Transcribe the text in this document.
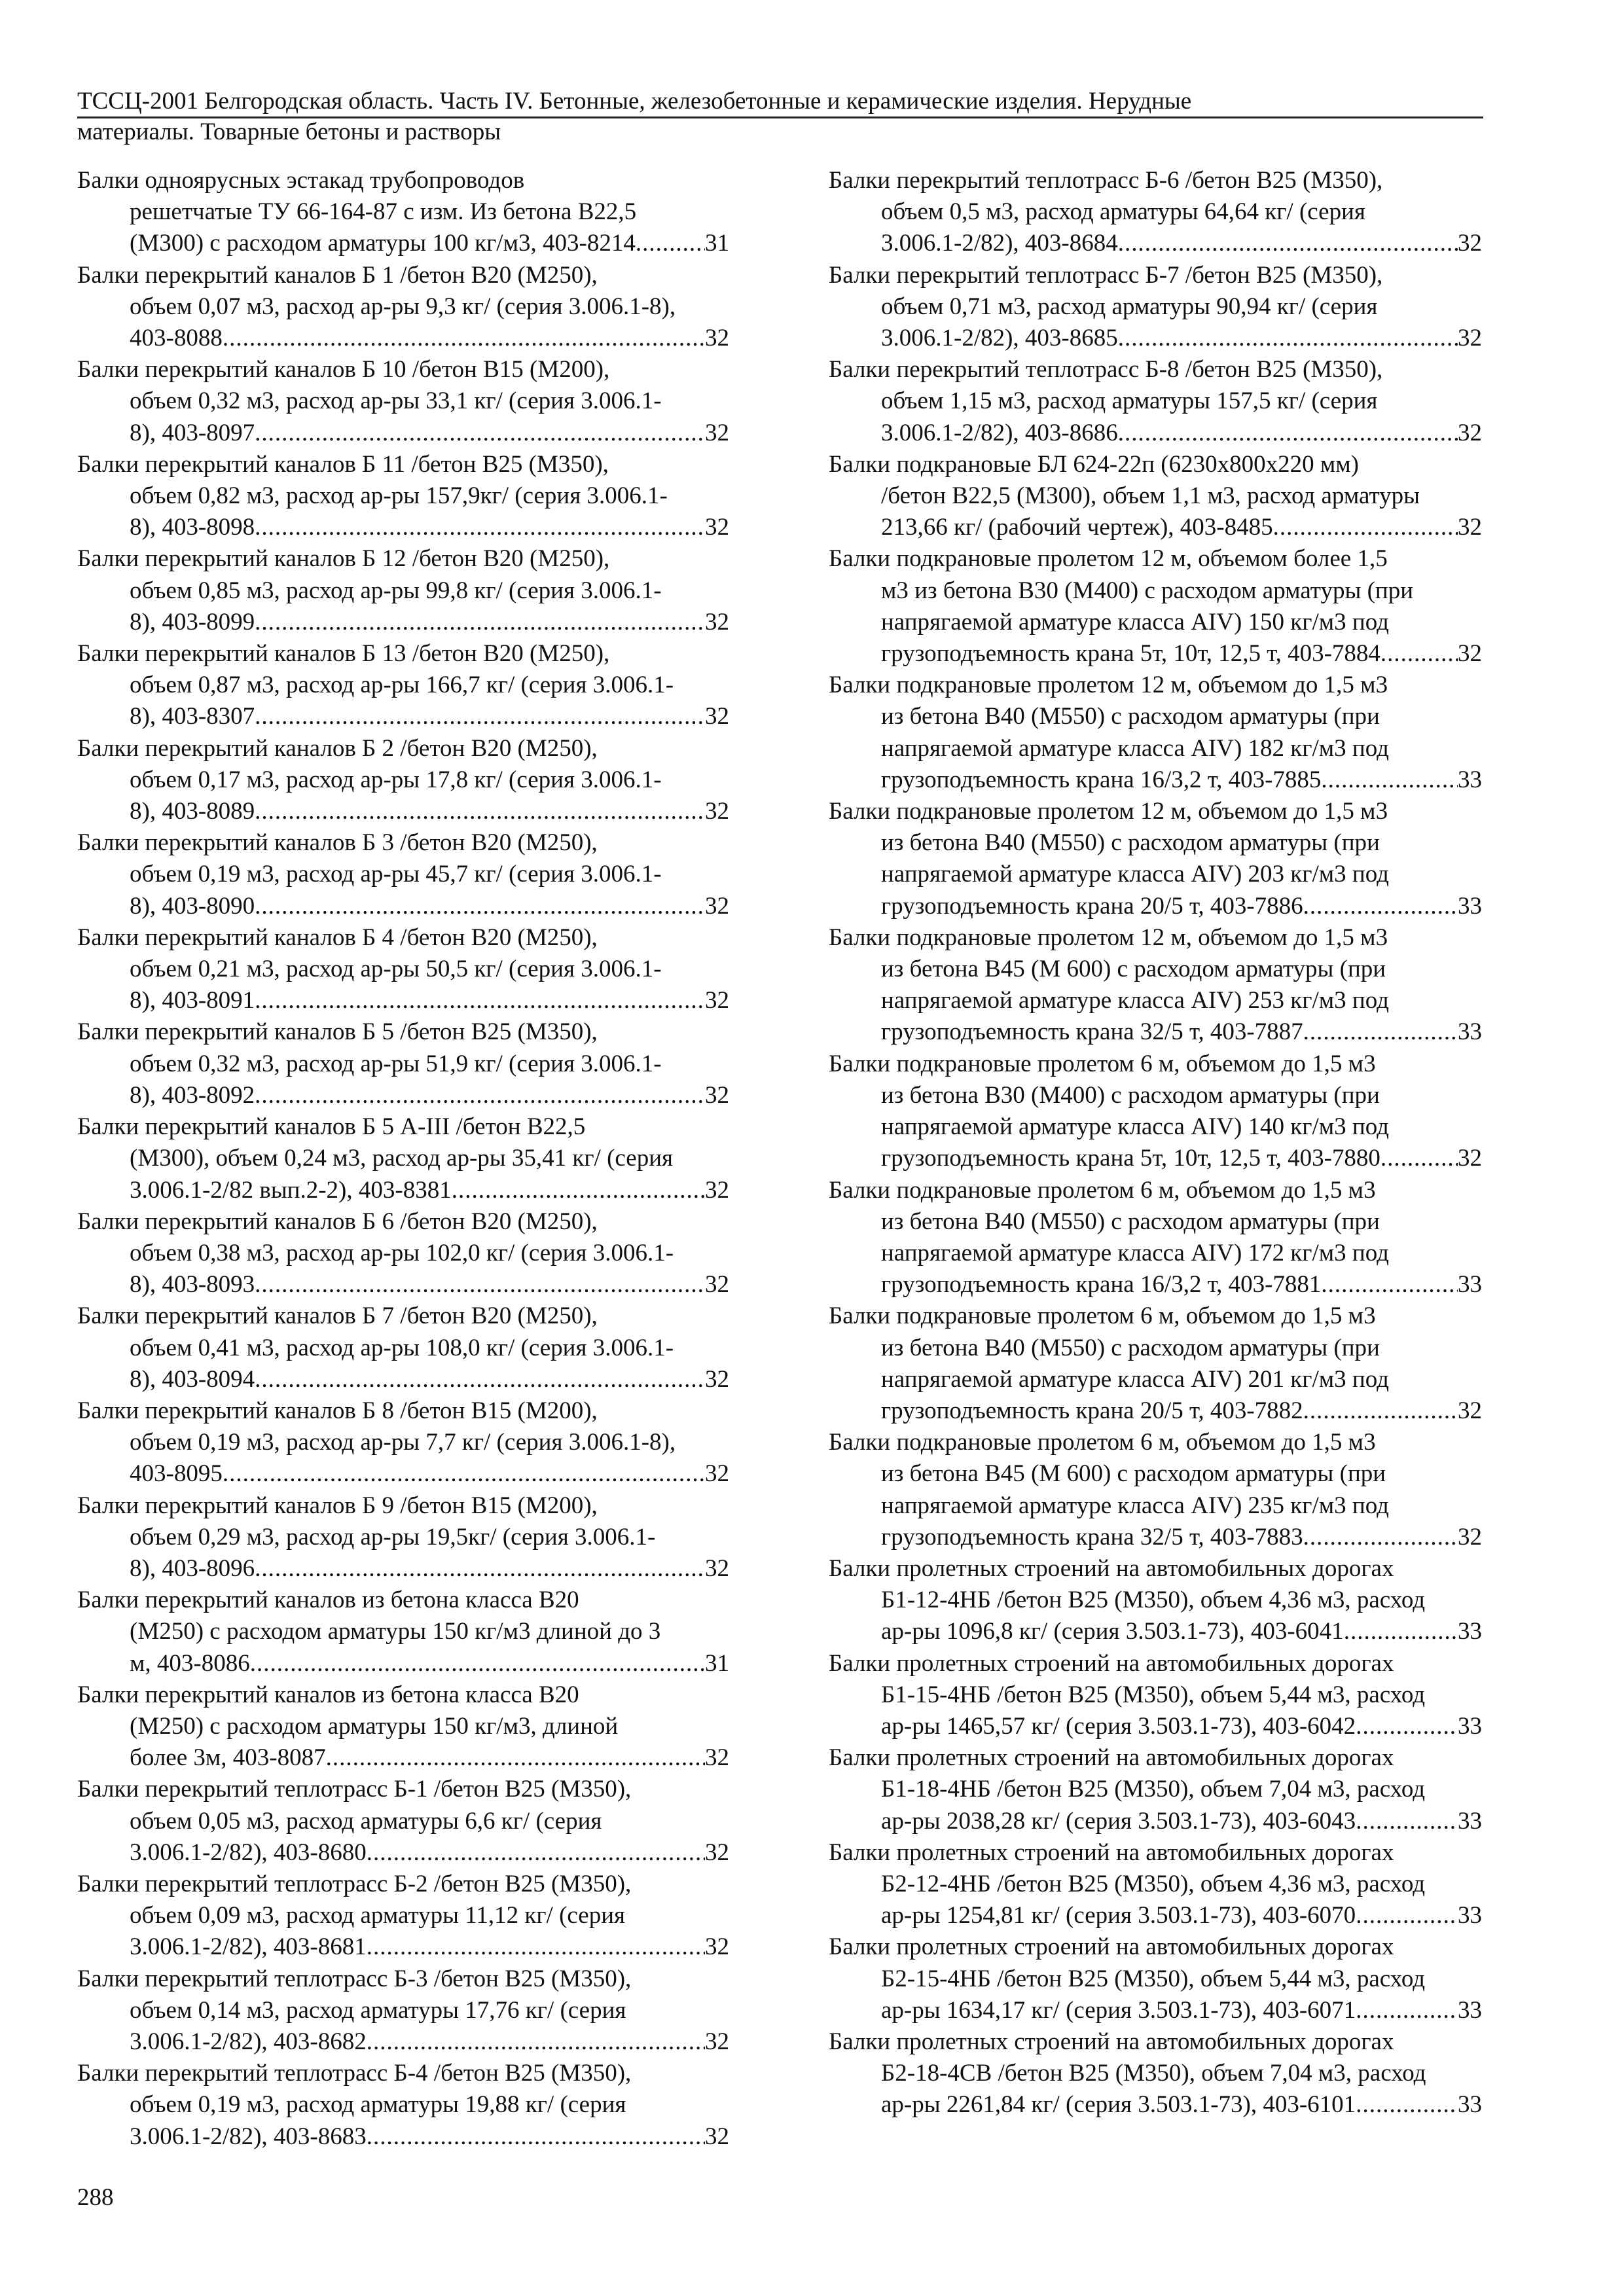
ТССЦ-2001 Белгородская область. Часть IV. Бетонные, железобетонные и керамические изделия. Нерудные
материалы. Товарные бетоны и растворы
Балки одноярусных эстакад трубопроводов
решетчатые ТУ 66-164-87 с изм. Из бетона В22,5
(М300) с расходом арматуры 100 кг/м3, 403-8214 .....	31
Балки перекрытий каналов Б 1 /бетон В20 (М250),
объем 0,07 м3, расход ар-ры 9,3 кг/ (серия 3.006.1-8),
403-8088 .....	32
Балки перекрытий каналов Б 10 /бетон В15 (М200),
объем 0,32 м3, расход ар-ры 33,1 кг/ (серия 3.006.1-
8), 403-8097 .....	32
Балки перекрытий каналов Б 11 /бетон В25 (М350),
объем 0,82 м3, расход ар-ры 157,9кг/ (серия 3.006.1-
8), 403-8098 .....	32
Балки перекрытий каналов Б 12 /бетон В20 (М250),
объем 0,85 м3, расход ар-ры 99,8 кг/ (серия 3.006.1-
8), 403-8099 .....	32
Балки перекрытий каналов Б 13 /бетон В20 (М250),
объем 0,87 м3, расход ар-ры 166,7 кг/ (серия 3.006.1-
8), 403-8307 .....	32
Балки перекрытий каналов Б 2 /бетон В20 (М250),
объем 0,17 м3, расход ар-ры 17,8 кг/ (серия 3.006.1-
8), 403-8089 .....	32
Балки перекрытий каналов Б 3 /бетон В20 (М250),
объем 0,19 м3, расход ар-ры 45,7 кг/ (серия 3.006.1-
8), 403-8090 .....	32
Балки перекрытий каналов Б 4 /бетон В20 (М250),
объем 0,21 м3, расход ар-ры 50,5 кг/ (серия 3.006.1-
8), 403-8091 .....	32
Балки перекрытий каналов Б 5 /бетон В25 (М350),
объем 0,32 м3, расход ар-ры 51,9 кг/ (серия 3.006.1-
8), 403-8092 .....	32
Балки перекрытий каналов Б 5 А-III /бетон В22,5
(М300), объем 0,24 м3, расход ар-ры 35,41 кг/ (серия
3.006.1-2/82 вып.2-2), 403-8381 .....	32
Балки перекрытий каналов Б 6 /бетон В20 (М250),
объем 0,38 м3, расход ар-ры 102,0 кг/ (серия 3.006.1-
8), 403-8093 .....	32
Балки перекрытий каналов Б 7 /бетон В20 (М250),
объем 0,41 м3, расход ар-ры 108,0 кг/ (серия 3.006.1-
8), 403-8094 .....	32
Балки перекрытий каналов Б 8 /бетон В15 (М200),
объем 0,19 м3, расход ар-ры 7,7 кг/ (серия 3.006.1-8),
403-8095 .....	32
Балки перекрытий каналов Б 9 /бетон В15 (М200),
объем 0,29 м3, расход ар-ры 19,5кг/ (серия 3.006.1-
8), 403-8096 .....	32
Балки перекрытий каналов из бетона класса В20
(М250) с расходом арматуры 150 кг/м3 длиной до 3
м, 403-8086 .....	31
Балки перекрытий каналов из бетона класса В20
(М250) с расходом арматуры 150 кг/м3, длиной
более 3м, 403-8087 .....	32
Балки перекрытий теплотрасс Б-1 /бетон В25 (М350),
объем 0,05 м3, расход арматуры 6,6 кг/ (серия
3.006.1-2/82), 403-8680 .....	32
Балки перекрытий теплотрасс Б-2 /бетон В25 (М350),
объем 0,09 м3, расход арматуры 11,12 кг/ (серия
3.006.1-2/82), 403-8681 .....	32
Балки перекрытий теплотрасс Б-3 /бетон В25 (М350),
объем 0,14 м3, расход арматуры 17,76 кг/ (серия
3.006.1-2/82), 403-8682 .....	32
Балки перекрытий теплотрасс Б-4 /бетон В25 (М350),
объем 0,19 м3, расход арматуры 19,88 кг/ (серия
3.006.1-2/82), 403-8683 .....	32
Балки перекрытий теплотрасс Б-6 /бетон В25 (М350),
объем 0,5 м3, расход арматуры 64,64 кг/ (серия
3.006.1-2/82), 403-8684 .....	32
Балки перекрытий теплотрасс Б-7 /бетон В25 (М350),
объем 0,71 м3, расход арматуры 90,94 кг/ (серия
3.006.1-2/82), 403-8685 .....	32
Балки перекрытий теплотрасс Б-8 /бетон В25 (М350),
объем 1,15 м3, расход арматуры 157,5 кг/ (серия
3.006.1-2/82), 403-8686 .....	32
Балки подкрановые БЛ 624-22п (6230х800х220 мм)
/бетон В22,5 (М300), объем 1,1 м3, расход арматуры
213,66 кг/ (рабочий чертеж), 403-8485 .....	32
Балки подкрановые пролетом 12 м, объемом более 1,5
м3 из бетона В30 (М400) с расходом арматуры (при
напрягаемой арматуре класса АIV) 150 кг/м3 под
грузоподъемность крана 5т, 10т, 12,5 т, 403-7884 .....	32
Балки подкрановые пролетом 12 м, объемом до 1,5 м3
из бетона В40 (М550) с расходом арматуры (при
напрягаемой арматуре класса АIV) 182 кг/м3 под
грузоподъемность крана 16/3,2 т, 403-7885 .....	33
Балки подкрановые пролетом 12 м, объемом до 1,5 м3
из бетона В40 (М550) с расходом арматуры (при
напрягаемой арматуре класса АIV) 203 кг/м3 под
грузоподъемность крана 20/5 т, 403-7886 .....	33
Балки подкрановые пролетом 12 м, объемом до 1,5 м3
из бетона В45 (М 600) с расходом арматуры (при
напрягаемой арматуре класса АIV) 253 кг/м3 под
грузоподъемность крана 32/5 т, 403-7887 .....	33
Балки подкрановые пролетом 6 м, объемом до 1,5 м3
из бетона В30 (М400) с расходом арматуры (при
напрягаемой арматуре класса АIV) 140 кг/м3 под
грузоподъемность крана 5т, 10т, 12,5 т, 403-7880 .....	32
Балки подкрановые пролетом 6 м, объемом до 1,5 м3
из бетона В40 (М550) с расходом арматуры (при
напрягаемой арматуре класса АIV) 172 кг/м3 под
грузоподъемность крана 16/3,2 т, 403-7881 .....	33
Балки подкрановые пролетом 6 м, объемом до 1,5 м3
из бетона В40 (М550) с расходом арматуры (при
напрягаемой арматуре класса АIV) 201 кг/м3 под
грузоподъемность крана 20/5 т, 403-7882 .....	32
Балки подкрановые пролетом 6 м, объемом до 1,5 м3
из бетона В45 (М 600) с расходом арматуры (при
напрягаемой арматуре класса АIV) 235 кг/м3 под
грузоподъемность крана 32/5 т, 403-7883 .....	32
Балки пролетных строений на автомобильных дорогах
Б1-12-4НБ /бетон В25 (М350), объем 4,36 м3, расход
ар-ры 1096,8 кг/ (серия 3.503.1-73), 403-6041 .....	33
Балки пролетных строений на автомобильных дорогах
Б1-15-4НБ /бетон В25 (М350), объем 5,44 м3, расход
ар-ры 1465,57 кг/ (серия 3.503.1-73), 403-6042 .....	33
Балки пролетных строений на автомобильных дорогах
Б1-18-4НБ /бетон В25 (М350), объем 7,04 м3, расход
ар-ры 2038,28 кг/ (серия 3.503.1-73), 403-6043 .....	33
Балки пролетных строений на автомобильных дорогах
Б2-12-4НБ /бетон В25 (М350), объем 4,36 м3, расход
ар-ры 1254,81 кг/ (серия 3.503.1-73), 403-6070 .....	33
Балки пролетных строений на автомобильных дорогах
Б2-15-4НБ /бетон В25 (М350), объем 5,44 м3, расход
ар-ры 1634,17 кг/ (серия 3.503.1-73), 403-6071 .....	33
Балки пролетных строений на автомобильных дорогах
Б2-18-4СВ /бетон В25 (М350), объем 7,04 м3, расход
ар-ры 2261,84 кг/ (серия 3.503.1-73), 403-6101 .....	33
288
